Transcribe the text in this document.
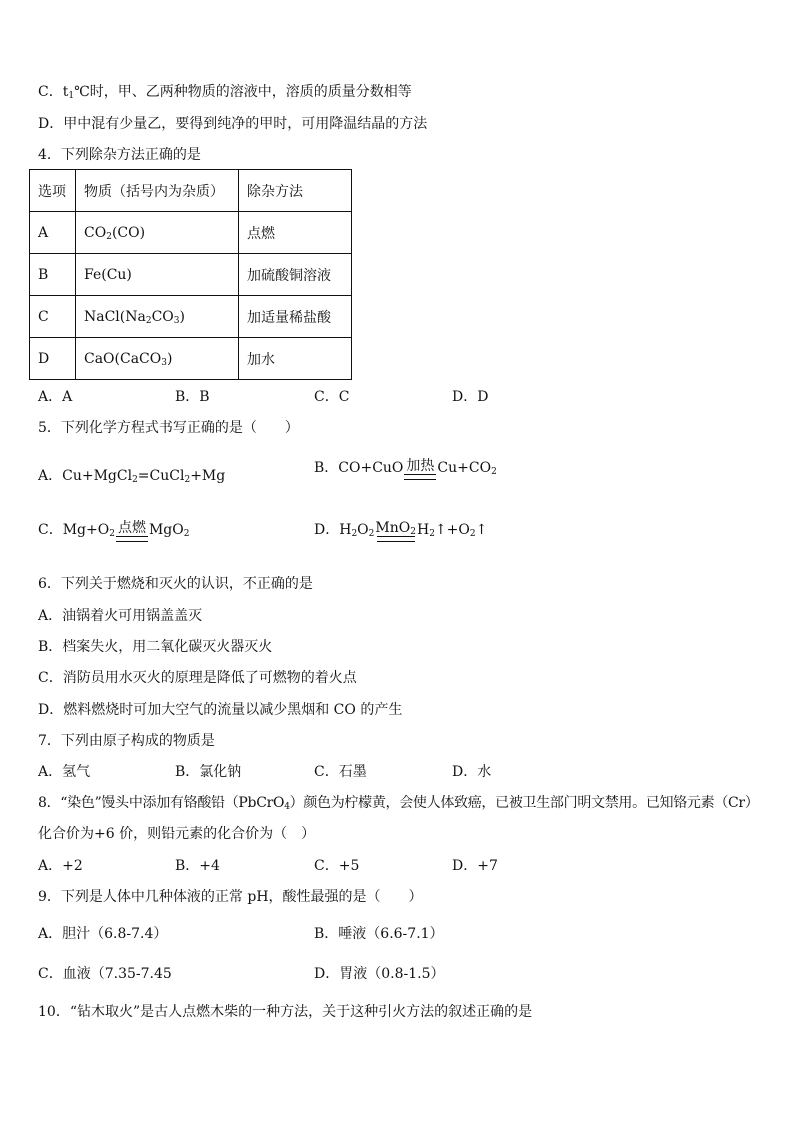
C．$t_1℃$时，甲、乙两种物质的溶液中，溶质的质量分数相等
D．甲中混有少量乙，要得到纯净的甲时，可用降温结晶的方法
4．下列除杂方法正确的是
选项	物质（括号内为杂质）	除杂方法
A	$CO_2(CO)$	点燃
B	Fe(Cu)	加硫酸铜溶液
C	$NaCl(Na_2CO_3)$	加适量稀盐酸
D	CaO(CaCO$_3$)	加水
A．A	B．B	C．C	D．D
5．下列化学方程式书写正确的是（　　）
A．Cu+MgCl$_2$=CuCl$_2$+Mg	B．CO+CuO 加热 $Cu+CO_2$
C．$Mg+O_2$ 点燃 MgO$_2$	D．$H_2O_2$ MnO$_2$ $H_2↑+O_2↑$
6．下列关于燃烧和灭火的认识，不正确的是
A．油锅着火可用锅盖盖灭
B．档案失火，用二氧化碳灭火器灭火
C．消防员用水灭火的原理是降低了可燃物的着火点
D．燃料燃烧时可加大空气的流量以减少黑烟和 CO 的产生
7．下列由原子构成的物质是
A．氢气	B．氯化钠	C．石墨	D．水
8．“染色”馒头中添加有铬酸铅（PbCrO$_4$）颜色为柠檬黄，会使人体致癌，已被卫生部门明文禁用。已知铬元素（Cr）
化合价为+6 价，则铅元素的化合价为（　）
A．+2	B．+4	C．+5	D．+7
9．下列是人体中几种体液的正常 pH，酸性最强的是（　　）
A．胆汁（6.8-7.4）	B．唾液（6.6-7.1）
C．血液（7.35-7.45	D．胃液（0.8-1.5）
10．“钻木取火”是古人点燃木柴的一种方法，关于这种引火方法的叙述正确的是
